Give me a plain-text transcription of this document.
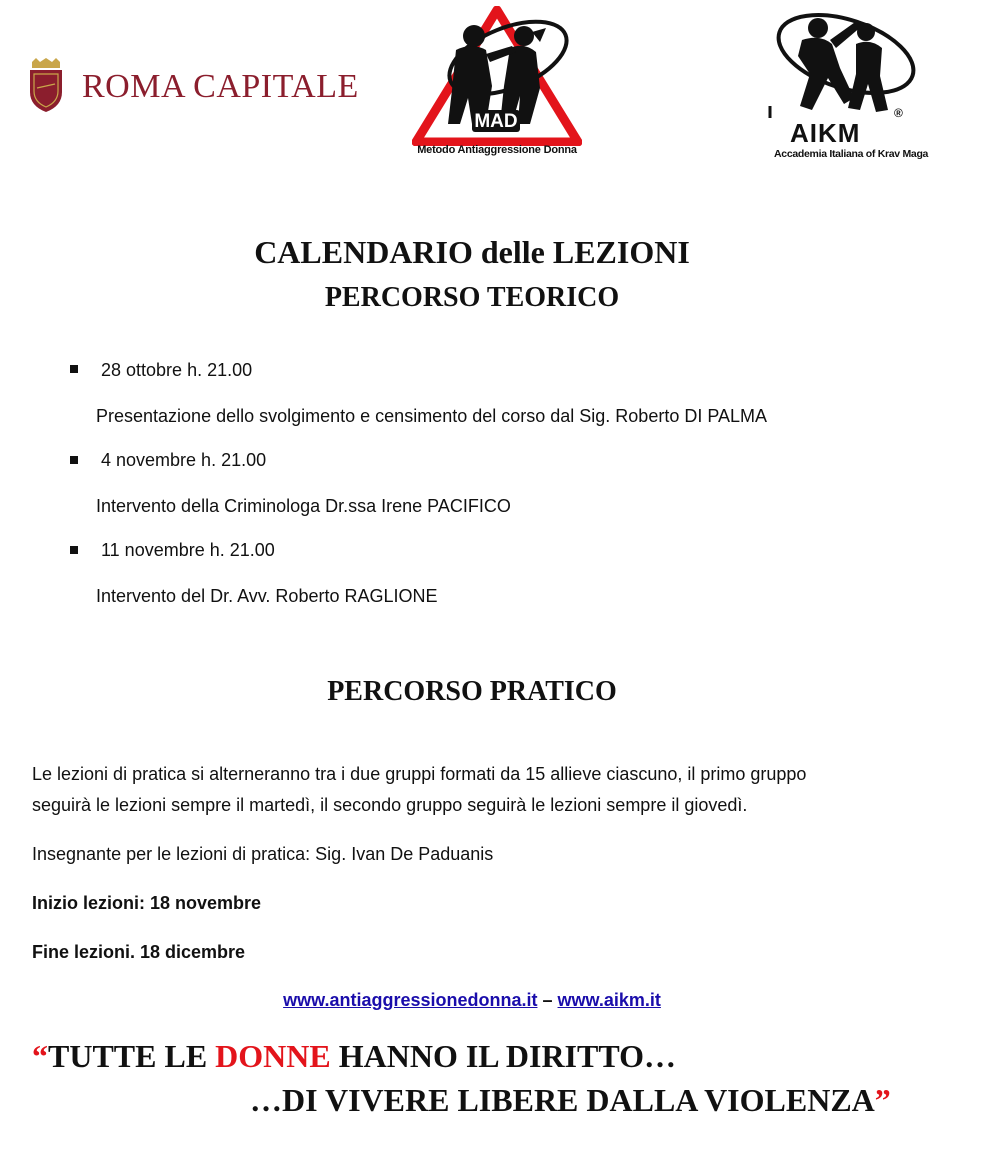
ROMA CAPITALE
MAD
Metodo Antiaggressione Donna
AIKM
®
Accademia Italiana of Krav Maga
CALENDARIO delle LEZIONI
PERCORSO TEORICO
28 ottobre h. 21.00
Presentazione dello svolgimento e censimento del corso dal Sig. Roberto DI PALMA
4 novembre h. 21.00
Intervento della Criminologa Dr.ssa Irene PACIFICO
11 novembre h. 21.00
Intervento del Dr. Avv. Roberto RAGLIONE
PERCORSO PRATICO
Le lezioni di pratica si alterneranno tra i due gruppi formati da 15 allieve ciascuno, il primo gruppo
seguirà le lezioni sempre il martedì, il secondo gruppo seguirà le lezioni sempre il giovedì.
Insegnante per le lezioni di pratica: Sig. Ivan De Paduanis
Inizio lezioni: 18 novembre
Fine lezioni. 18 dicembre
www.antiaggressionedonna.it – www.aikm.it
“TUTTE LE DONNE HANNO IL DIRITTO…
…DI VIVERE LIBERE DALLA VIOLENZA”
